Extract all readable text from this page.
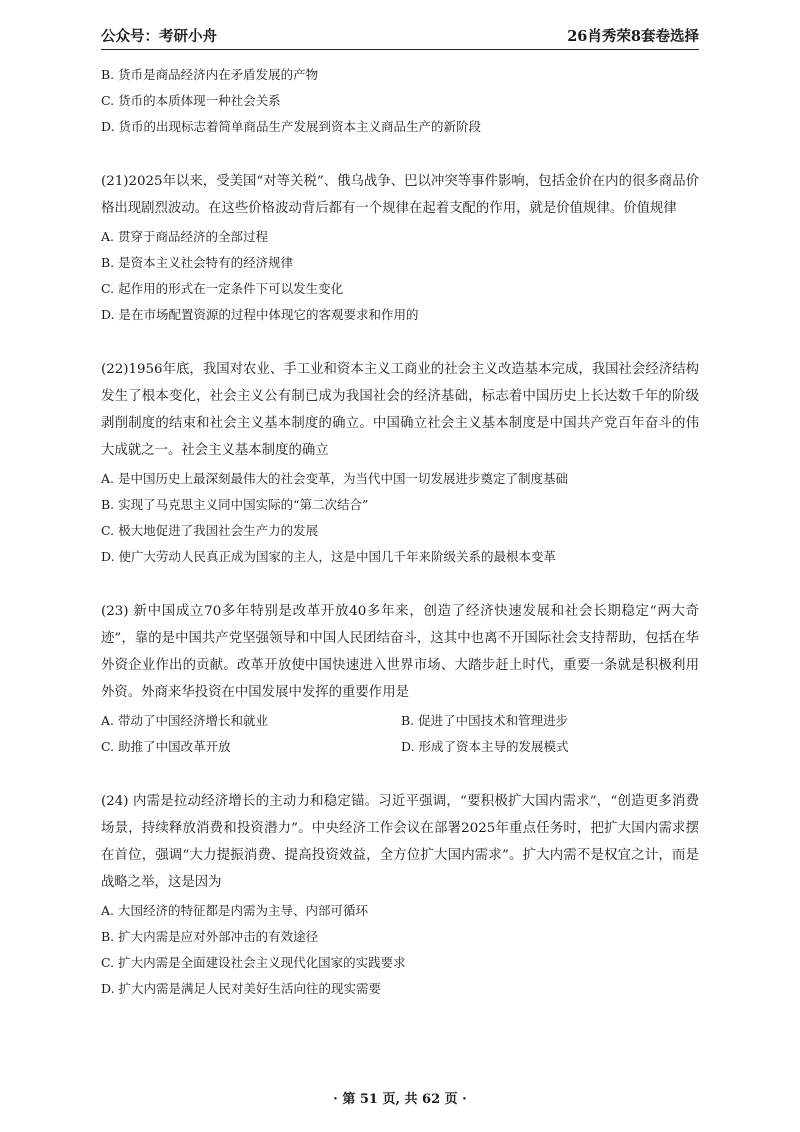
公众号：考研小舟	26肖秀荣8套卷选择
B. 货币是商品经济内在矛盾发展的产物
C. 货币的本质体现一种社会关系
D. 货币的出现标志着简单商品生产发展到资本主义商品生产的新阶段
(21)2025年以来，受美国“对等关税”、俄乌战争、巴以冲突等事件影响，包括金价在内的很多商品价格出现剧烈波动。在这些价格波动背后都有一个规律在起着支配的作用，就是价值规律。价值规律
A. 贯穿于商品经济的全部过程
B. 是资本主义社会特有的经济规律
C. 起作用的形式在一定条件下可以发生变化
D. 是在市场配置资源的过程中体现它的客观要求和作用的
(22)1956年底，我国对农业、手工业和资本主义工商业的社会主义改造基本完成，我国社会经济结构发生了根本变化，社会主义公有制已成为我国社会的经济基础，标志着中国历史上长达数千年的阶级剥削制度的结束和社会主义基本制度的确立。中国确立社会主义基本制度是中国共产党百年奋斗的伟大成就之一。社会主义基本制度的确立
A. 是中国历史上最深刻最伟大的社会变革，为当代中国一切发展进步奠定了制度基础
B. 实现了马克思主义同中国实际的“第二次结合”
C. 极大地促进了我国社会生产力的发展
D. 使广大劳动人民真正成为国家的主人，这是中国几千年来阶级关系的最根本变革
(23) 新中国成立70多年特别是改革开放40多年来，创造了经济快速发展和社会长期稳定“两大奇迹”，靠的是中国共产党坚强领导和中国人民团结奋斗，这其中也离不开国际社会支持帮助，包括在华外资企业作出的贡献。改革开放使中国快速进入世界市场、大踏步赶上时代，重要一条就是积极利用外资。外商来华投资在中国发展中发挥的重要作用是
A. 带动了中国经济增长和就业	B. 促进了中国技术和管理进步
C. 助推了中国改革开放	D. 形成了资本主导的发展模式
(24) 内需是拉动经济增长的主动力和稳定锚。习近平强调，“要积极扩大国内需求”，“创造更多消费场景，持续释放消费和投资潜力”。中央经济工作会议在部署2025年重点任务时，把扩大国内需求摆在首位，强调“大力提振消费、提高投资效益，全方位扩大国内需求”。扩大内需不是权宜之计，而是战略之举，这是因为
A. 大国经济的特征都是内需为主导、内部可循环
B. 扩大内需是应对外部冲击的有效途径
C. 扩大内需是全面建设社会主义现代化国家的实践要求
D. 扩大内需是满足人民对美好生活向往的现实需要
· 第 51 页, 共 62 页 ·
